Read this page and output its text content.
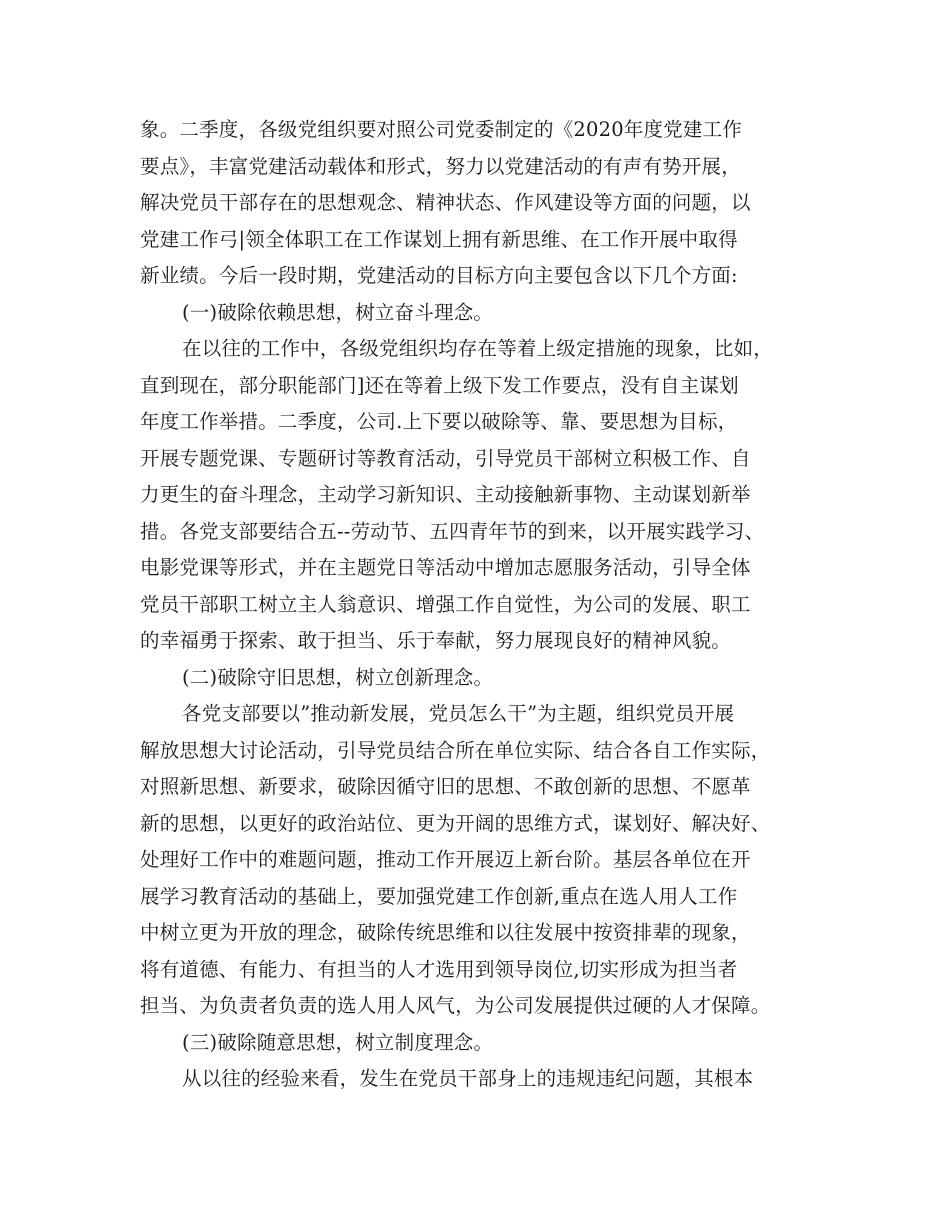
象。二季度，各级党组织要对照公司党委制定的《2020年度党建工作
要点》，丰富党建活动载体和形式，努力以党建活动的有声有势开展，
解决党员干部存在的思想观念、精神状态、作风建设等方面的问题，以
党建工作弓|领全体职工在工作谋划上拥有新思维、在工作开展中取得
新业绩。今后一段时期，党建活动的目标方向主要包含以下几个方面:
(一)破除依赖思想，树立奋斗理念。
在以往的工作中，各级党组织均存在等着上级定措施的现象，比如，
直到现在，部分职能部门]还在等着上级下发工作要点，没有自主谋划
年度工作举措。二季度，公司.上下要以破除等、靠、要思想为目标，
开展专题党课、专题研讨等教育活动，引导党员干部树立积极工作、自
力更生的奋斗理念，主动学习新知识、主动接触新事物、主动谋划新举
措。各党支部要结合五--劳动节、五四青年节的到来，以开展实践学习、
电影党课等形式，并在主题党日等活动中增加志愿服务活动，引导全体
党员干部职工树立主人翁意识、增强工作自觉性，为公司的发展、职工
的幸福勇于探索、敢于担当、乐于奉献，努力展现良好的精神风貌。
(二)破除守旧思想，树立创新理念。
各党支部要以”推动新发展，党员怎么干”为主题，组织党员开展
解放思想大讨论活动，引导党员结合所在单位实际、结合各自工作实际，
对照新思想、新要求，破除因循守旧的思想、不敢创新的思想、不愿革
新的思想，以更好的政治站位、更为开阔的思维方式，谋划好、解决好、
处理好工作中的难题问题，推动工作开展迈上新台阶。基层各单位在开
展学习教育活动的基础上，要加强党建工作创新,重点在选人用人工作
中树立更为开放的理念，破除传统思维和以往发展中按资排辈的现象，
将有道德、有能力、有担当的人才选用到领导岗位,切实形成为担当者
担当、为负责者负责的选人用人风气，为公司发展提供过硬的人才保障。
(三)破除随意思想，树立制度理念。
从以往的经验来看，发生在党员干部身上的违规违纪问题，其根本
